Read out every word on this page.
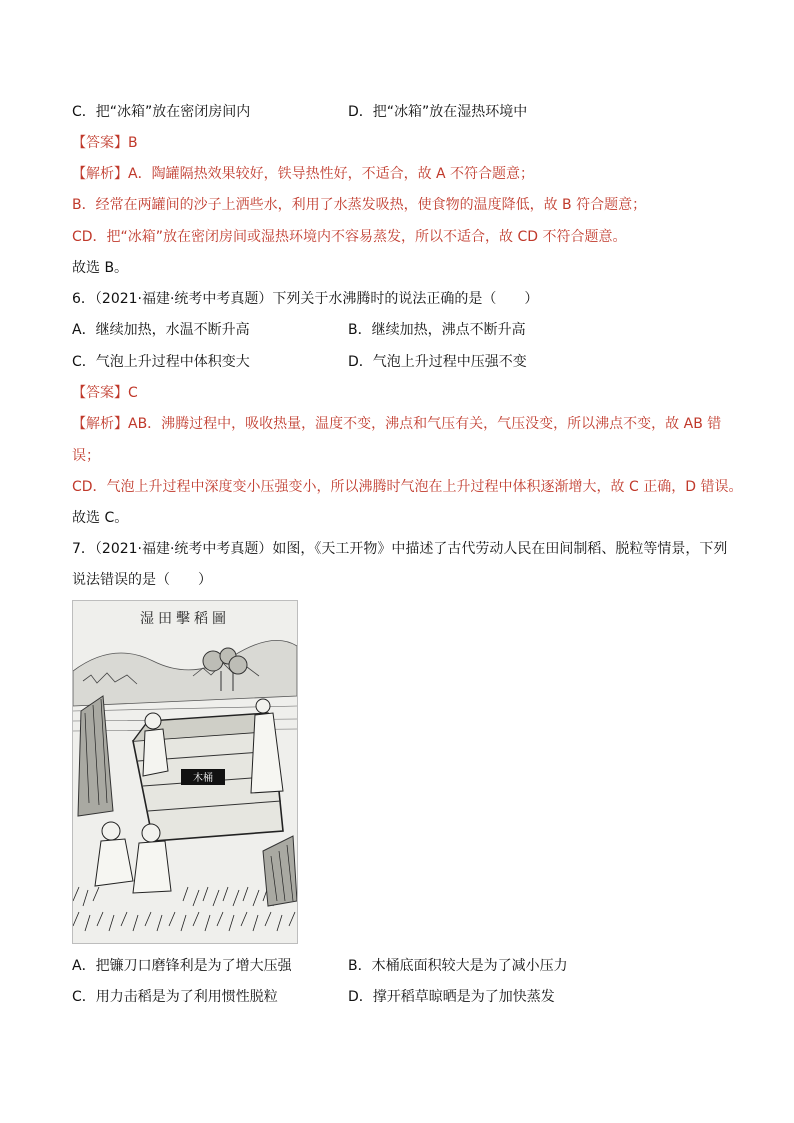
C．把“冰箱”放在密闭房间内	D．把“冰箱”放在湿热环境中
【答案】B
【解析】A．陶罐隔热效果较好，铁导热性好，不适合，故 A 不符合题意；
B．经常在两罐间的沙子上洒些水，利用了水蒸发吸热，使食物的温度降低，故 B 符合题意；
CD．把“冰箱”放在密闭房间或湿热环境内不容易蒸发，所以不适合，故 CD 不符合题意。
故选 B。
6．（2021·福建·统考中考真题）下列关于水沸腾时的说法正确的是（　　）
A．继续加热，水温不断升高	B．继续加热，沸点不断升高
C．气泡上升过程中体积变大	D．气泡上升过程中压强不变
【答案】C
【解析】AB．沸腾过程中，吸收热量，温度不变，沸点和气压有关，气压没变，所以沸点不变，故 AB 错
误；
CD．气泡上升过程中深度变小压强变小，所以沸腾时气泡在上升过程中体积逐渐增大，故 C 正确，D 错误。
故选 C。
7．（2021·福建·统考中考真题）如图，《天工开物》中描述了古代劳动人民在田间制稻、脱粒等情景，下列
说法错误的是（　　）
湿田擊稻圖
木桶
A．把镰刀口磨锋利是为了增大压强	B．木桶底面积较大是为了减小压力
C．用力击稻是为了利用惯性脱粒	D．撑开稻草晾晒是为了加快蒸发
